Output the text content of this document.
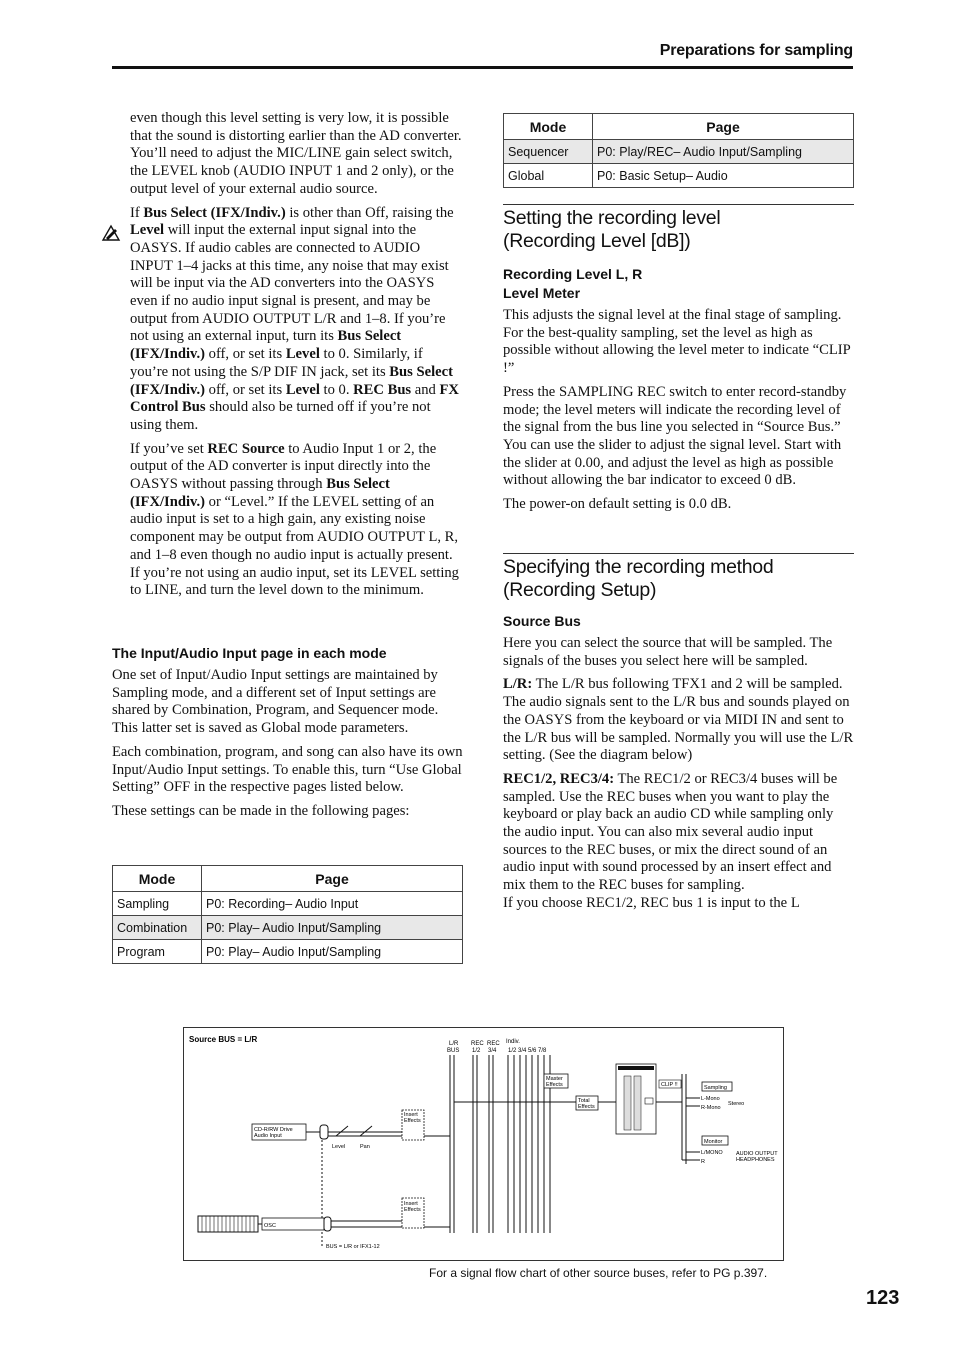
Preparations for sampling

even though this level setting is very low, it is possible that the sound is distorting earlier than the AD converter. You’ll need to adjust the MIC/LINE gain select switch, the LEVEL knob (AUDIO INPUT 1 and 2 only), or the output level of your external audio source.

If Bus Select (IFX/Indiv.) is other than Off, raising the Level will input the external input signal into the OASYS. If audio cables are connected to AUDIO INPUT 1–4 jacks at this time, any noise that may exist will be input via the AD converters into the OASYS even if no audio input signal is present, and may be output from AUDIO OUTPUT L/R and 1–8. If you’re not using an external input, turn its Bus Select (IFX/Indiv.) off, or set its Level to 0. Similarly, if you’re not using the S/P DIF IN jack, set its Bus Select (IFX/Indiv.) off, or set its Level to 0. REC Bus and FX Control Bus should also be turned off if you’re not using them.

If you’ve set REC Source to Audio Input 1 or 2, the output of the AD converter is input directly into the OASYS without passing through Bus Select (IFX/Indiv.) or “Level.” If the LEVEL setting of an audio input is set to a high gain, any existing noise component may be output from AUDIO OUTPUT L, R, and 1–8 even though no audio input is actually present. If you’re not using an audio input, set its LEVEL setting to LINE, and turn the level down to the minimum.

The Input/Audio Input page in each mode

One set of Input/Audio Input settings are maintained by Sampling mode, and a different set of Input settings are shared by Combination, Program, and Sequencer mode. This latter set is saved as Global mode parameters.

Each combination, program, and song can also have its own Input/Audio Input settings. To enable this, turn “Use Global Setting” OFF in the respective pages listed below.

These settings can be made in the following pages:

Mode	Page
Sampling	P0: Recording– Audio Input
Combination	P0: Play– Audio Input/Sampling
Program	P0: Play– Audio Input/Sampling
Mode	Page
Sequencer	P0: Play/REC– Audio Input/Sampling
Global	P0: Basic Setup– Audio
Setting the recording level
(Recording Level [dB])
Recording Level L, R
Level Meter

This adjusts the signal level at the final stage of sampling. For the best-quality sampling, set the level as high as possible without allowing the level meter to indicate “CLIP !”

Press the SAMPLING REC switch to enter record-standby mode; the level meters will indicate the recording level of the signal from the bus line you selected in “Source Bus.” You can use the slider to adjust the signal level. Start with the slider at 0.00, and adjust the level as high as possible without allowing the bar indicator to exceed 0 dB.

The power-on default setting is 0.0 dB.

Specifying the recording method
(Recording Setup)
Source Bus

Here you can select the source that will be sampled. The signals of the buses you select here will be sampled.

L/R: The L/R bus following TFX1 and 2 will be sampled. The audio signals sent to the L/R bus and sounds played on the OASYS from the keyboard or via MIDI IN and sent to the L/R bus will be sampled. Normally you will use the L/R setting. (See the diagram below)

REC1/2, REC3/4: The REC1/2 or REC3/4 buses will be sampled. Use the REC buses when you want to play the keyboard or play back an audio CD while sampling only the audio input. You can also mix several audio input sources to the REC buses, or mix the direct sound of an audio input with sound processed by an insert effect and mix them to the REC buses for sampling.

If you choose REC1/2, REC bus 1 is input to the L

Source BUS = L/R	L/R
BUS
REC
1/2
REC
3/4
Indiv.
1/2 3/4 5/6 7/8
CD-R/RW Drive
Audio Input
Level	Pan
Insert
Effects
OSC
Insert
Effects
Master
Effects
Total
Effects
CLIP !!	Sampling
L-Mono
R-Mono
Stereo
Monitor
L/MONO
R
AUDIO OUTPUT
HEADPHONES
BUS = L/R or IFX1-12
For a signal flow chart of other source buses, refer to PG p.397.
123
